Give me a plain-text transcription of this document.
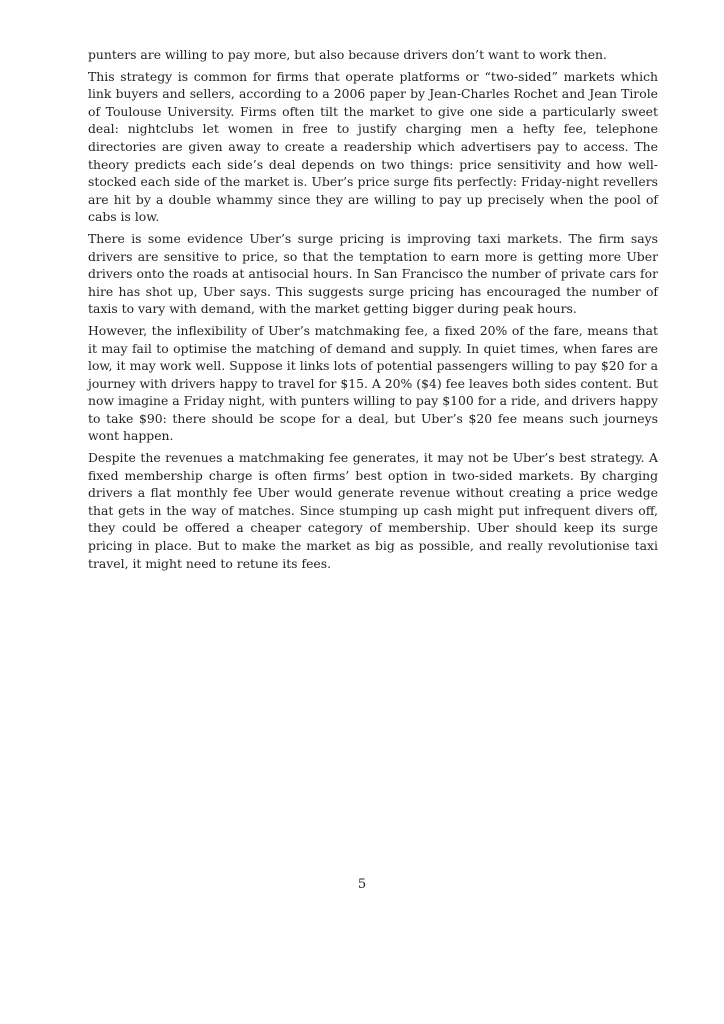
punters are willing to pay more, but also because drivers don’t want to work then.

This strategy is common for firms that operate platforms or “two-sided” markets which link buyers and sellers, according to a 2006 paper by Jean-Charles Rochet and Jean Tirole of Toulouse University. Firms often tilt the market to give one side a particularly sweet deal: nightclubs let women in free to justify charging men a hefty fee, telephone directories are given away to create a readership which advertisers pay to access. The theory predicts each side’s deal depends on two things: price sensitivity and how well-stocked each side of the market is. Uber’s price surge fits perfectly: Friday-night revellers are hit by a double whammy since they are willing to pay up precisely when the pool of cabs is low.

There is some evidence Uber’s surge pricing is improving taxi markets. The firm says drivers are sensitive to price, so that the temptation to earn more is getting more Uber drivers onto the roads at antisocial hours. In San Francisco the number of private cars for hire has shot up, Uber says. This suggests surge pricing has encouraged the number of taxis to vary with demand, with the market getting bigger during peak hours.

However, the inflexibility of Uber’s matchmaking fee, a fixed 20% of the fare, means that it may fail to optimise the matching of demand and supply. In quiet times, when fares are low, it may work well. Suppose it links lots of potential passengers willing to pay $20 for a journey with drivers happy to travel for $15. A 20% ($4) fee leaves both sides content. But now imagine a Friday night, with punters willing to pay $100 for a ride, and drivers happy to take $90: there should be scope for a deal, but Uber’s $20 fee means such journeys wont happen.

Despite the revenues a matchmaking fee generates, it may not be Uber’s best strategy. A fixed membership charge is often firms’ best option in two-sided markets. By charging drivers a flat monthly fee Uber would generate revenue without creating a price wedge that gets in the way of matches. Since stumping up cash might put infrequent divers off, they could be offered a cheaper category of membership. Uber should keep its surge pricing in place. But to make the market as big as possible, and really revolutionise taxi travel, it might need to retune its fees.

5
